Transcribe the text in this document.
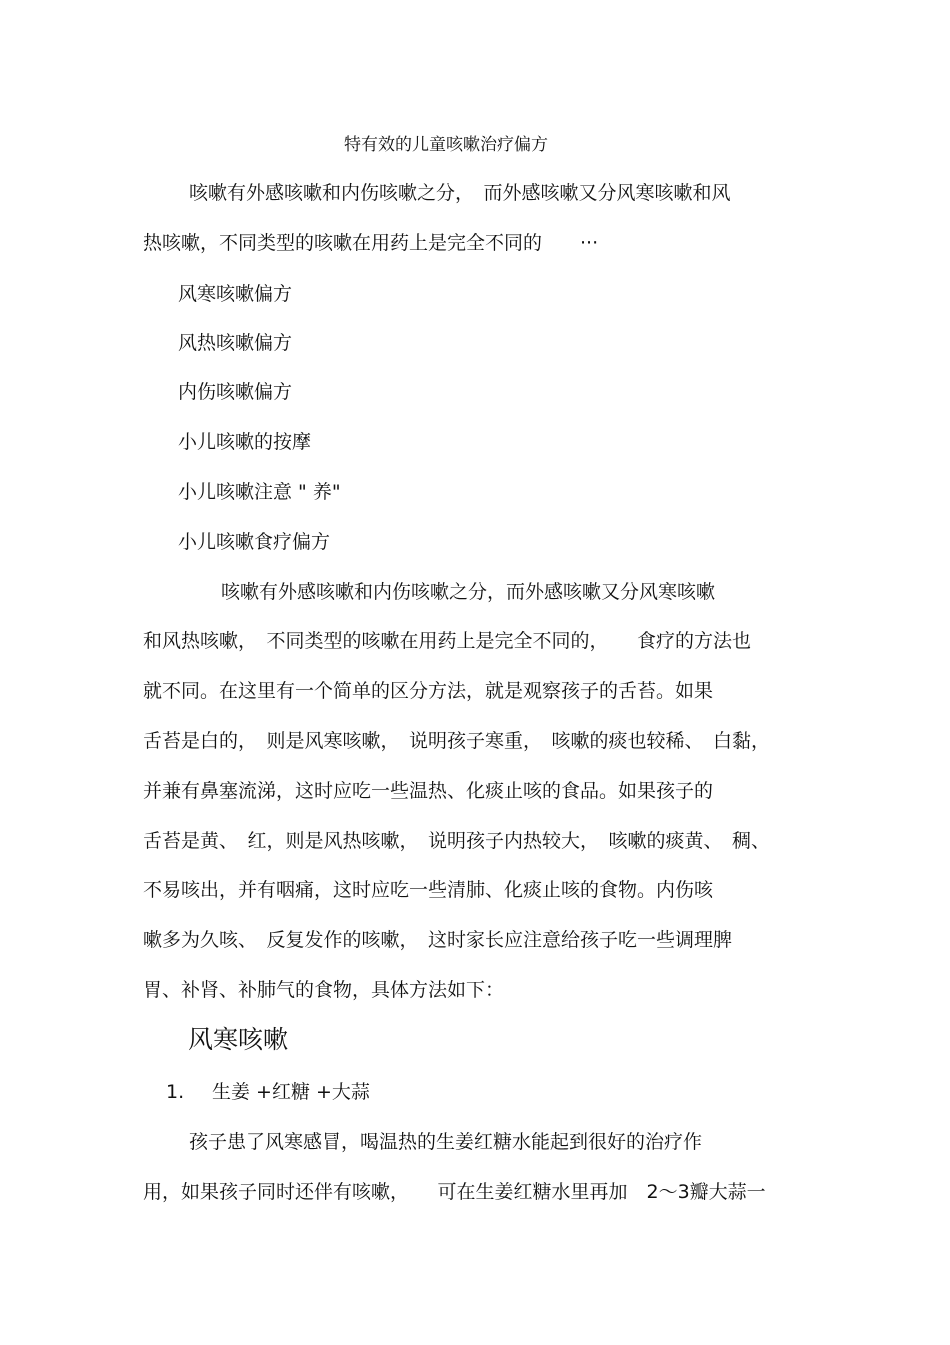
特有效的儿童咳嗽治疗偏方
咳嗽有外感咳嗽和内伤咳嗽之分，　而外感咳嗽又分风寒咳嗽和风
热咳嗽，不同类型的咳嗽在用药上是完全不同的　　···
风寒咳嗽偏方
风热咳嗽偏方
内伤咳嗽偏方
小儿咳嗽的按摩
小儿咳嗽注意 " 养"
小儿咳嗽食疗偏方
咳嗽有外感咳嗽和内伤咳嗽之分，而外感咳嗽又分风寒咳嗽
和风热咳嗽，　不同类型的咳嗽在用药上是完全不同的，　　食疗的方法也
就不同。在这里有一个简单的区分方法，就是观察孩子的舌苔。如果
舌苔是白的，　则是风寒咳嗽，　说明孩子寒重，　咳嗽的痰也较稀、　白黏，
并兼有鼻塞流涕，这时应吃一些温热、化痰止咳的食品。如果孩子的
舌苔是黄、　红，则是风热咳嗽，　说明孩子内热较大，　咳嗽的痰黄、　稠、
不易咳出，并有咽痛，这时应吃一些清肺、化痰止咳的食物。内伤咳
嗽多为久咳、　反复发作的咳嗽，　这时家长应注意给孩子吃一些调理脾
胃、补肾、补肺气的食物，具体方法如下：
风寒咳嗽
1. 生姜 +红糖 +大蒜
孩子患了风寒感冒，喝温热的生姜红糖水能起到很好的治疗作
用，如果孩子同时还伴有咳嗽，　　可在生姜红糖水里再加　2～3瓣大蒜一
